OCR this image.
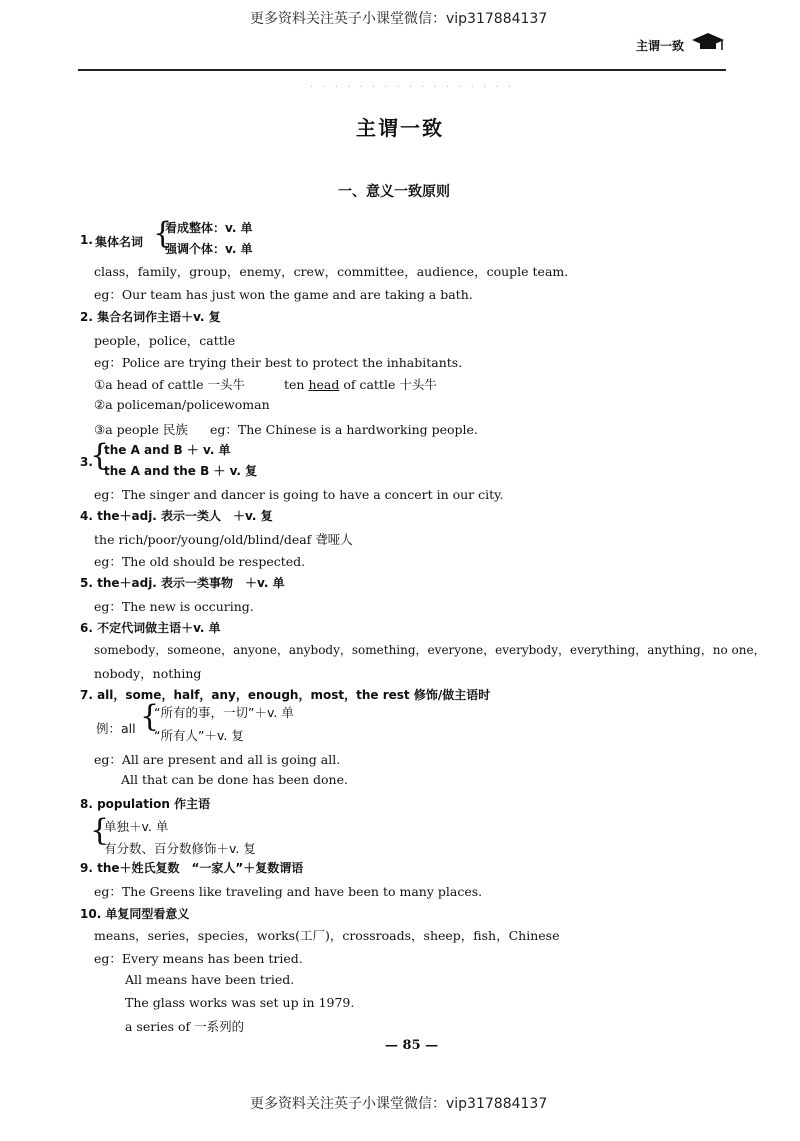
更多资料关注英子小课堂微信：vip317884137
主谓一致
· · · · · · · · · · · · · · · · ·
主谓一致
一、意义一致原则
1. 集体名词 {
看成整体：v. 单
强调个体：v. 单
class，family，group，enemy，crew，committee，audience，couple team.
eg：Our team has just won the game and are taking a bath.
2. 集合名词作主语＋v. 复
people，police，cattle
eg：Police are trying their best to protect the inhabitants.
①a head of cattle 一头牛	ten head of cattle 十头牛
②a policeman/policewoman
③a people 民族 eg：The Chinese is a hardworking people.
3.
{
the A and B ＋ v. 单
the A and the B ＋ v. 复
eg：The singer and dancer is going to have a concert in our city.
4. the＋adj. 表示一类人　＋v. 复
the rich/poor/young/old/blind/deaf 聋哑人
eg：The old should be respected.
5. the＋adj. 表示一类事物　＋v. 单
eg：The new is occuring.
6. 不定代词做主语＋v. 单
somebody，someone，anyone，anybody，something，everyone，everybody，everything，anything，no one，
nobody，nothing
7. all，some，half，any，enough，most，the rest 修饰/做主语时
例：all {
“所有的事，一切”＋v. 单
“所有人”＋v. 复
eg：All are present and all is going all.
All that can be done has been done.
8. population 作主语
{
单独＋v. 单
有分数、百分数修饰＋v. 复
9. the＋姓氏复数　“一家人”＋复数谓语
eg：The Greens like traveling and have been to many places.
10. 单复同型看意义
means，series，species，works(工厂)，crossroads，sheep，fish，Chinese
eg：Every means has been tried.
All means have been tried.
The glass works was set up in 1979.
a series of 一系列的
— 85 —
更多资料关注英子小课堂微信：vip317884137
